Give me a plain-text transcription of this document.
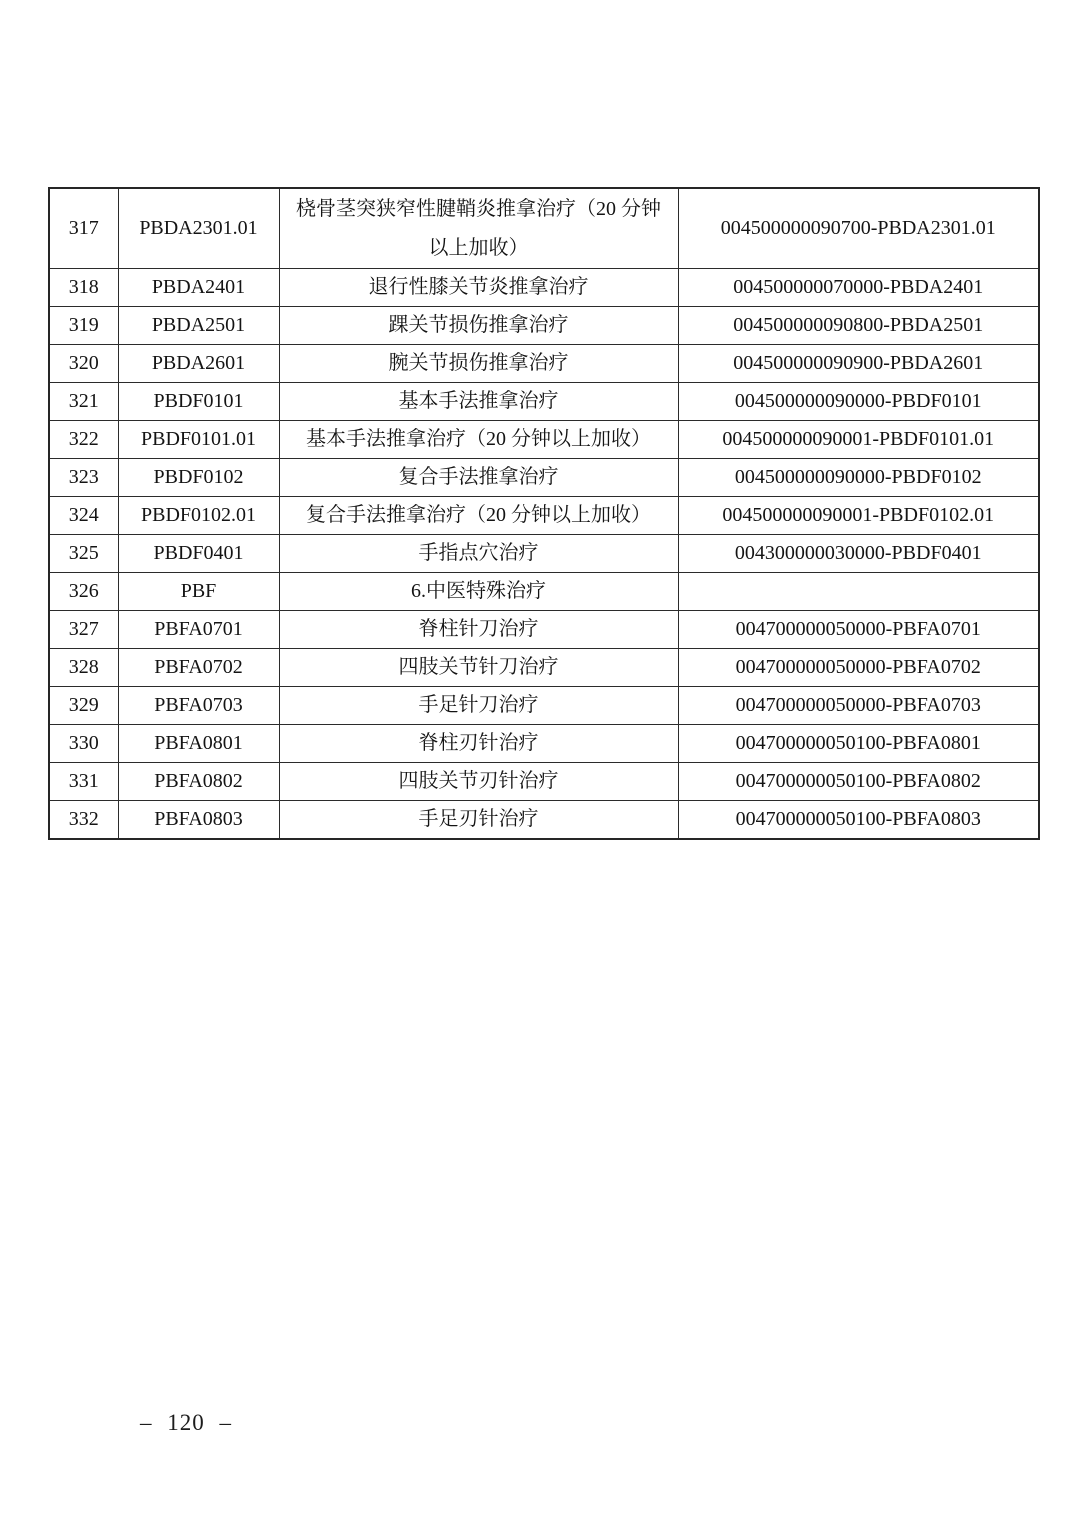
317	PBDA2301.01	桡骨茎突狭窄性腱鞘炎推拿治疗（20 分钟以上加收）	004500000090700-PBDA2301.01
318	PBDA2401	退行性膝关节炎推拿治疗	004500000070000-PBDA2401
319	PBDA2501	踝关节损伤推拿治疗	004500000090800-PBDA2501
320	PBDA2601	腕关节损伤推拿治疗	004500000090900-PBDA2601
321	PBDF0101	基本手法推拿治疗	004500000090000-PBDF0101
322	PBDF0101.01	基本手法推拿治疗（20 分钟以上加收）	004500000090001-PBDF0101.01
323	PBDF0102	复合手法推拿治疗	004500000090000-PBDF0102
324	PBDF0102.01	复合手法推拿治疗（20 分钟以上加收）	004500000090001-PBDF0102.01
325	PBDF0401	手指点穴治疗	004300000030000-PBDF0401
326	PBF	6.中医特殊治疗	
327	PBFA0701	脊柱针刀治疗	004700000050000-PBFA0701
328	PBFA0702	四肢关节针刀治疗	004700000050000-PBFA0702
329	PBFA0703	手足针刀治疗	004700000050000-PBFA0703
330	PBFA0801	脊柱刃针治疗	004700000050100-PBFA0801
331	PBFA0802	四肢关节刃针治疗	004700000050100-PBFA0802
332	PBFA0803	手足刃针治疗	004700000050100-PBFA0803
– 120 –
